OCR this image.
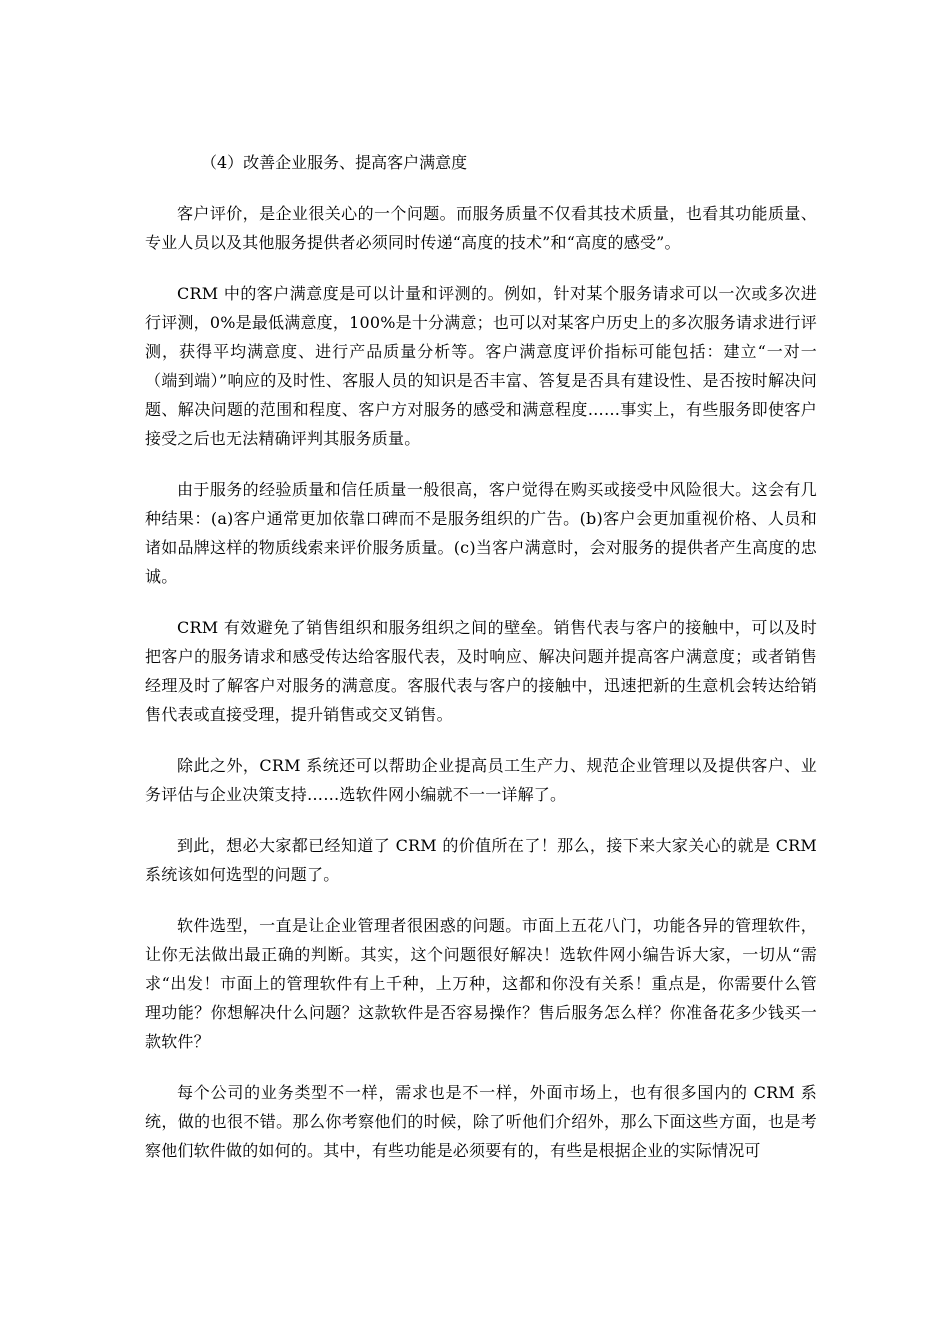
（4）改善企业服务、提高客户满意度

客户评价，是企业很关心的一个问题。而服务质量不仅看其技术质量，也看其功能质量、专业人员以及其他服务提供者必须同时传递“高度的技术”和“高度的感受”。

CRM 中的客户满意度是可以计量和评测的。例如，针对某个服务请求可以一次或多次进行评测，0%是最低满意度，100%是十分满意；也可以对某客户历史上的多次服务请求进行评测，获得平均满意度、进行产品质量分析等。客户满意度评价指标可能包括：建立“一对一（端到端）”响应的及时性、客服人员的知识是否丰富、答复是否具有建设性、是否按时解决问题、解决问题的范围和程度、客户方对服务的感受和满意程度……事实上，有些服务即使客户接受之后也无法精确评判其服务质量。

由于服务的经验质量和信任质量一般很高，客户觉得在购买或接受中风险很大。这会有几种结果：(a)客户通常更加依靠口碑而不是服务组织的广告。(b)客户会更加重视价格、人员和诸如品牌这样的物质线索来评价服务质量。(c)当客户满意时，会对服务的提供者产生高度的忠诚。

CRM 有效避免了销售组织和服务组织之间的壁垒。销售代表与客户的接触中，可以及时把客户的服务请求和感受传达给客服代表，及时响应、解决问题并提高客户满意度；或者销售经理及时了解客户对服务的满意度。客服代表与客户的接触中，迅速把新的生意机会转达给销售代表或直接受理，提升销售或交叉销售。

除此之外，CRM 系统还可以帮助企业提高员工生产力、规范企业管理以及提供客户、业务评估与企业决策支持……选软件网小编就不一一详解了。

到此，想必大家都已经知道了 CRM 的价值所在了！那么，接下来大家关心的就是 CRM 系统该如何选型的问题了。

软件选型，一直是让企业管理者很困惑的问题。市面上五花八门，功能各异的管理软件，让你无法做出最正确的判断。其实，这个问题很好解决！选软件网小编告诉大家，一切从“需求“出发！市面上的管理软件有上千种，上万种，这都和你没有关系！重点是，你需要什么管理功能？你想解决什么问题？这款软件是否容易操作？售后服务怎么样？你准备花多少钱买一款软件？

每个公司的业务类型不一样，需求也是不一样，外面市场上，也有很多国内的 CRM 系统，做的也很不错。那么你考察他们的时候，除了听他们介绍外，那么下面这些方面，也是考察他们软件做的如何的。其中，有些功能是必须要有的，有些是根据企业的实际情况可
